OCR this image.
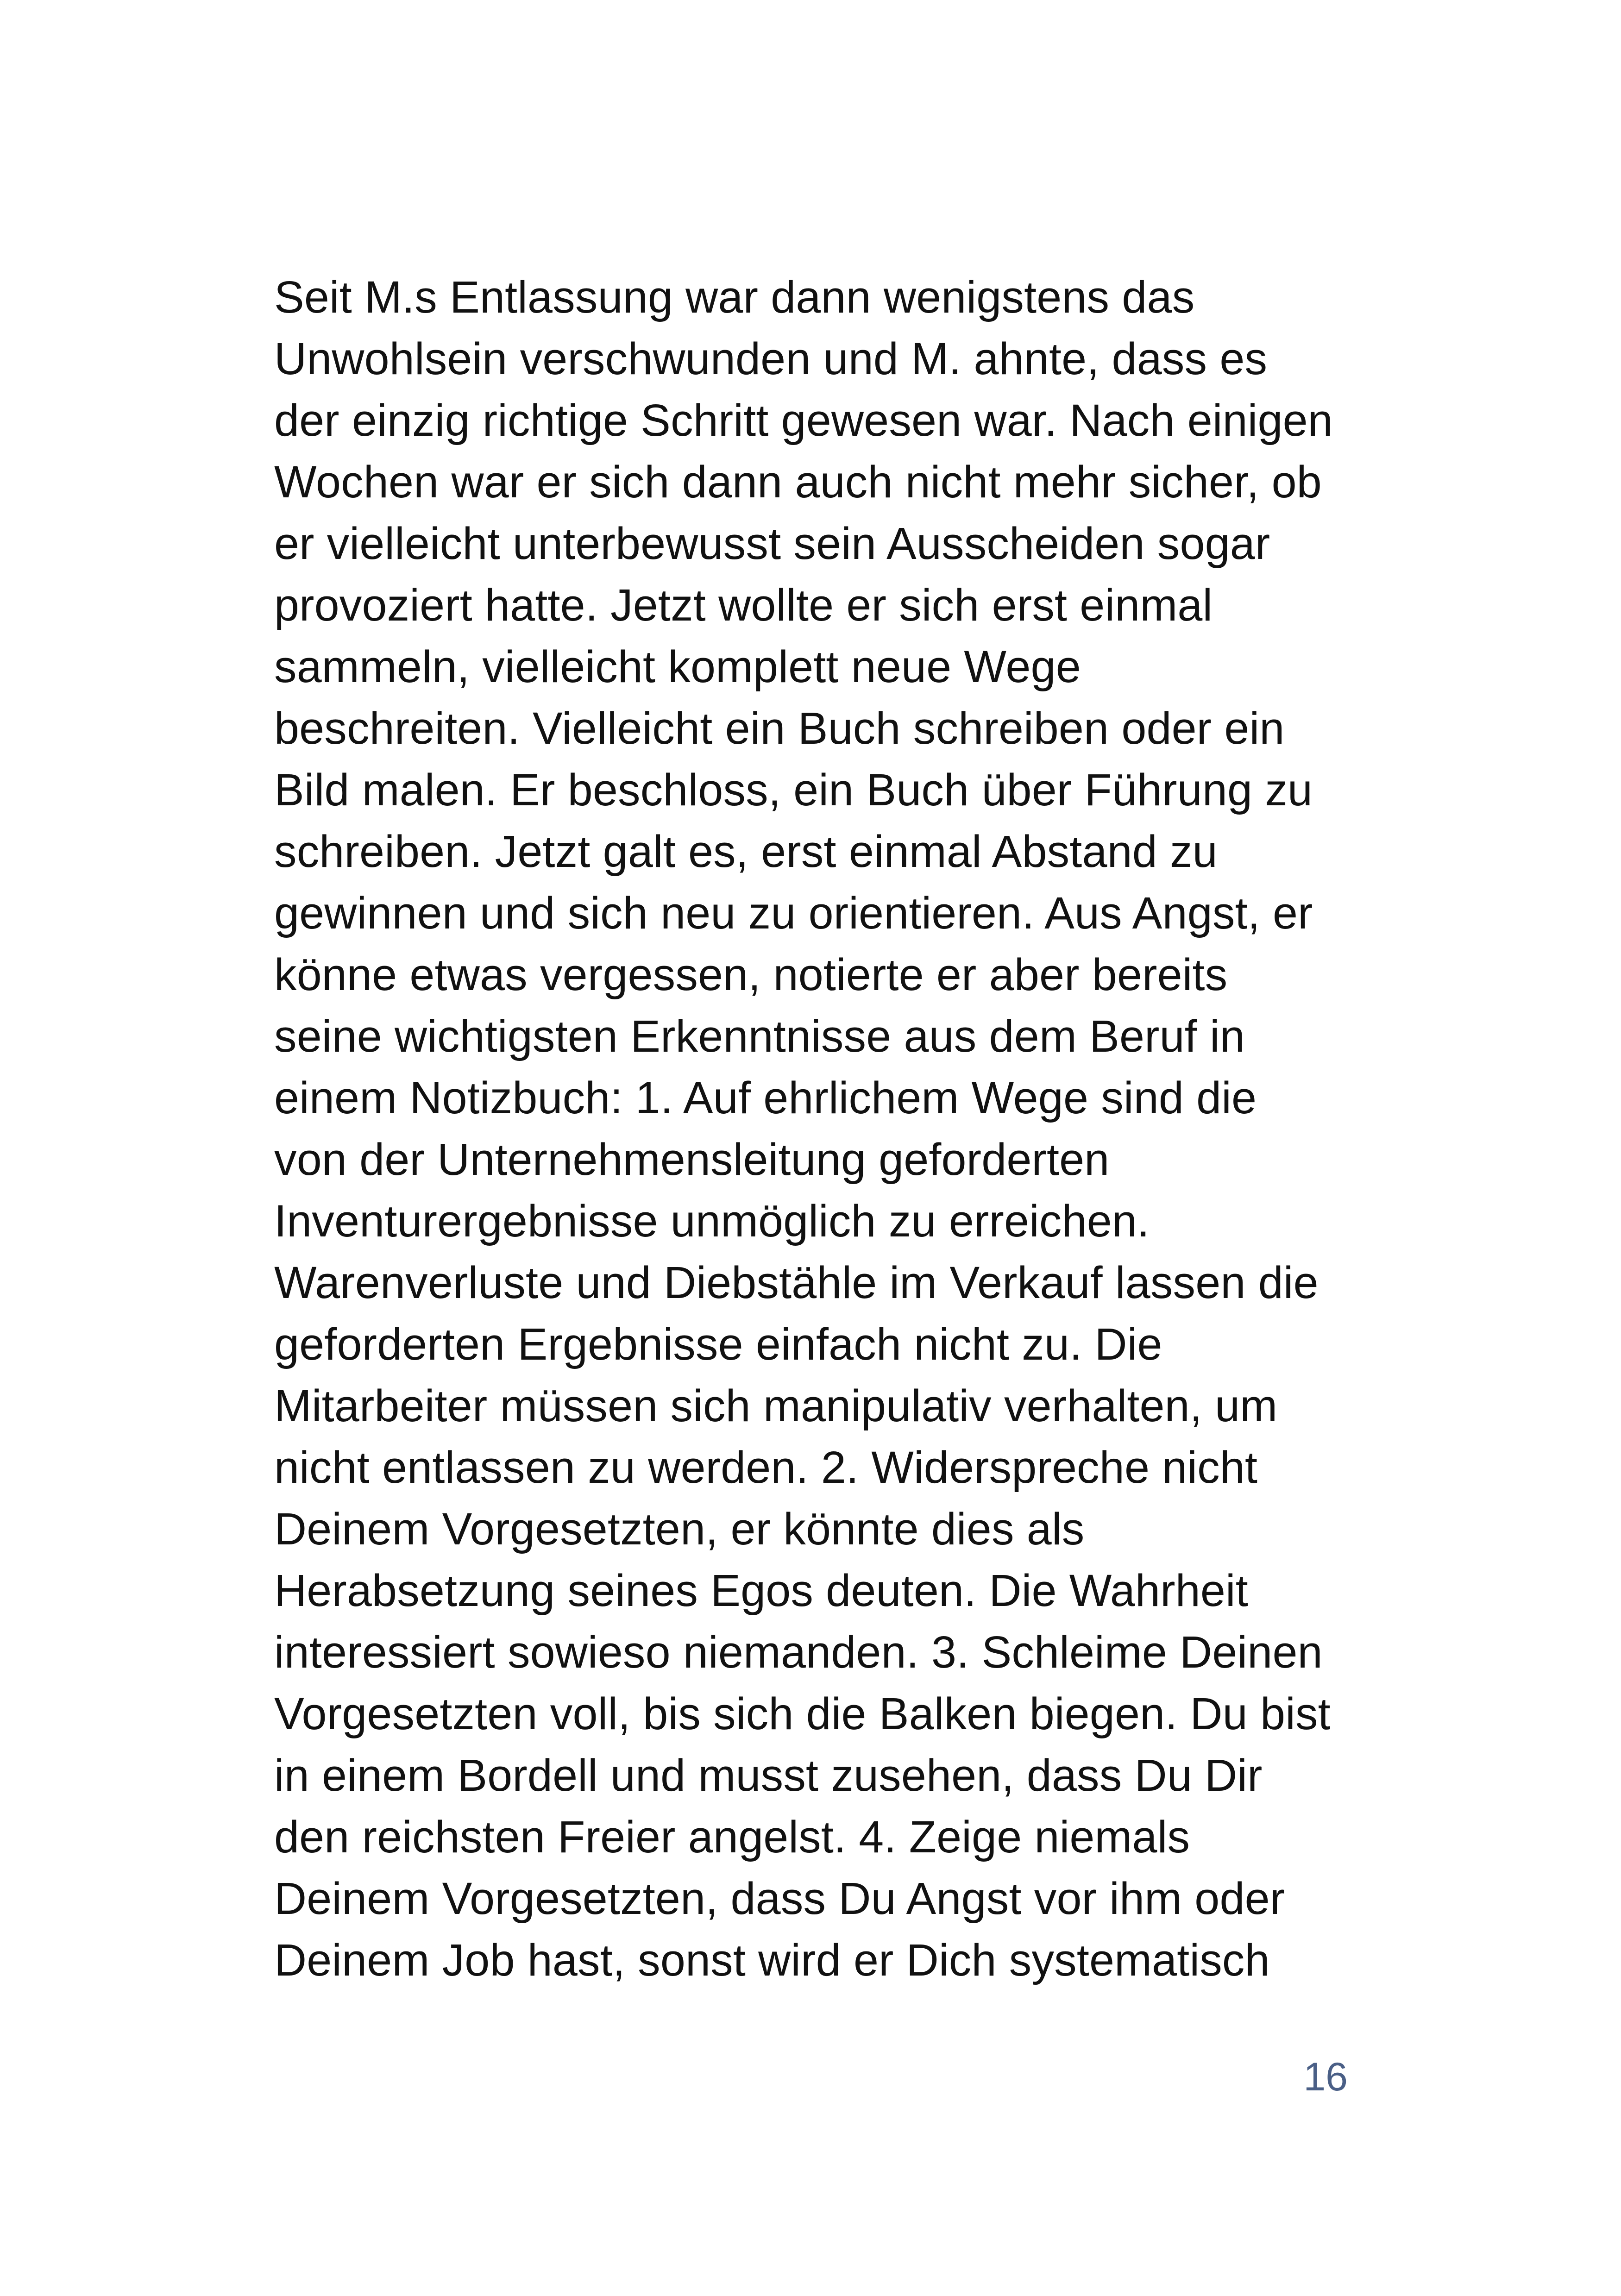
Seit M.s Entlassung war dann wenigstens das
Unwohlsein verschwunden und M. ahnte, dass es
der einzig richtige Schritt gewesen war. Nach einigen
Wochen war er sich dann auch nicht mehr sicher, ob
er vielleicht unterbewusst sein Ausscheiden sogar
provoziert hatte. Jetzt wollte er sich erst einmal
sammeln, vielleicht komplett neue Wege
beschreiten. Vielleicht ein Buch schreiben oder ein
Bild malen. Er beschloss, ein Buch über Führung zu
schreiben. Jetzt galt es, erst einmal Abstand zu
gewinnen und sich neu zu orientieren. Aus Angst, er
könne etwas vergessen, notierte er aber bereits
seine wichtigsten Erkenntnisse aus dem Beruf in
einem Notizbuch: 1. Auf ehrlichem Wege sind die
von der Unternehmensleitung geforderten
Inventurergebnisse unmöglich zu erreichen.
Warenverluste und Diebstähle im Verkauf lassen die
geforderten Ergebnisse einfach nicht zu. Die
Mitarbeiter müssen sich manipulativ verhalten, um
nicht entlassen zu werden. 2. Widerspreche nicht
Deinem Vorgesetzten, er könnte dies als
Herabsetzung seines Egos deuten. Die Wahrheit
interessiert sowieso niemanden. 3. Schleime Deinen
Vorgesetzten voll, bis sich die Balken biegen. Du bist
in einem Bordell und musst zusehen, dass Du Dir
den reichsten Freier angelst. 4. Zeige niemals
Deinem Vorgesetzten, dass Du Angst vor ihm oder
Deinem Job hast, sonst wird er Dich systematisch
16
